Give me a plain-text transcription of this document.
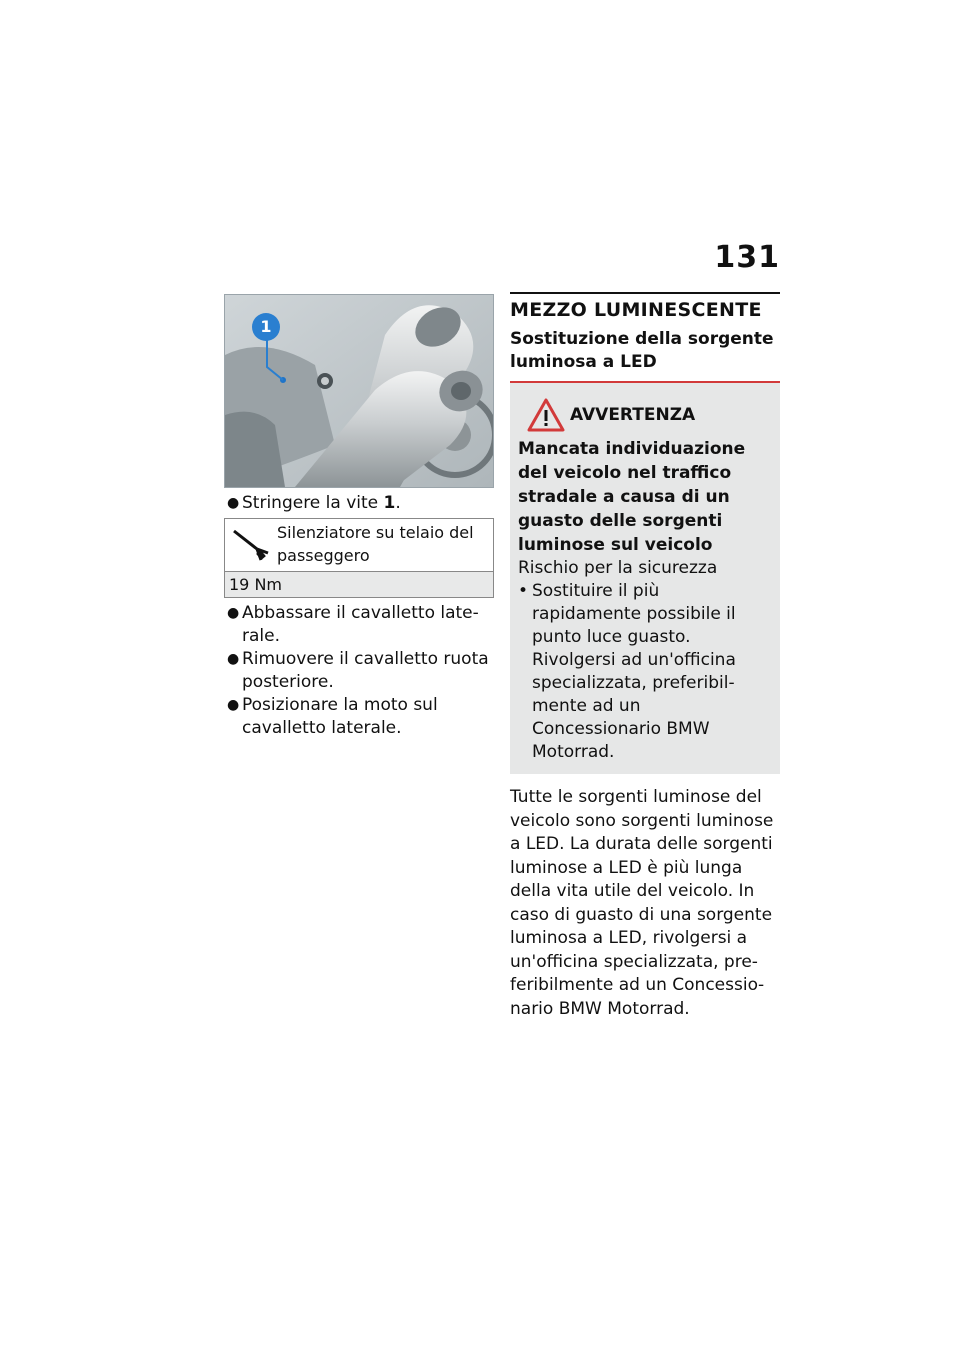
131
1
● Stringere la vite 1.
Silenziatore su telaio del passeggero
19 Nm
● Abbassare il cavalletto laterale.
● Rimuovere il cavalletto ruota posteriore.
● Posizionare la moto sul cavalletto laterale.
MEZZO LUMINESCENTE
Sostituzione della sorgente luminosa a LED
AVVERTENZA
Mancata individuazione del veicolo nel traffico stradale a causa di un guasto delle sorgenti luminose sul veicolo
Rischio per la sicurezza
• Sostituire il più rapidamente possibile il punto luce guasto. Rivolgersi ad un'officina specializzata, preferibilmente ad un Concessionario BMW Motorrad.
Tutte le sorgenti luminose del veicolo sono sorgenti luminose a LED. La durata delle sorgenti luminose a LED è più lunga della vita utile del veicolo. In caso di guasto di una sorgente luminosa a LED, rivolgersi a un'officina specializzata, preferibilmente ad un Concessionario BMW Motorrad.
